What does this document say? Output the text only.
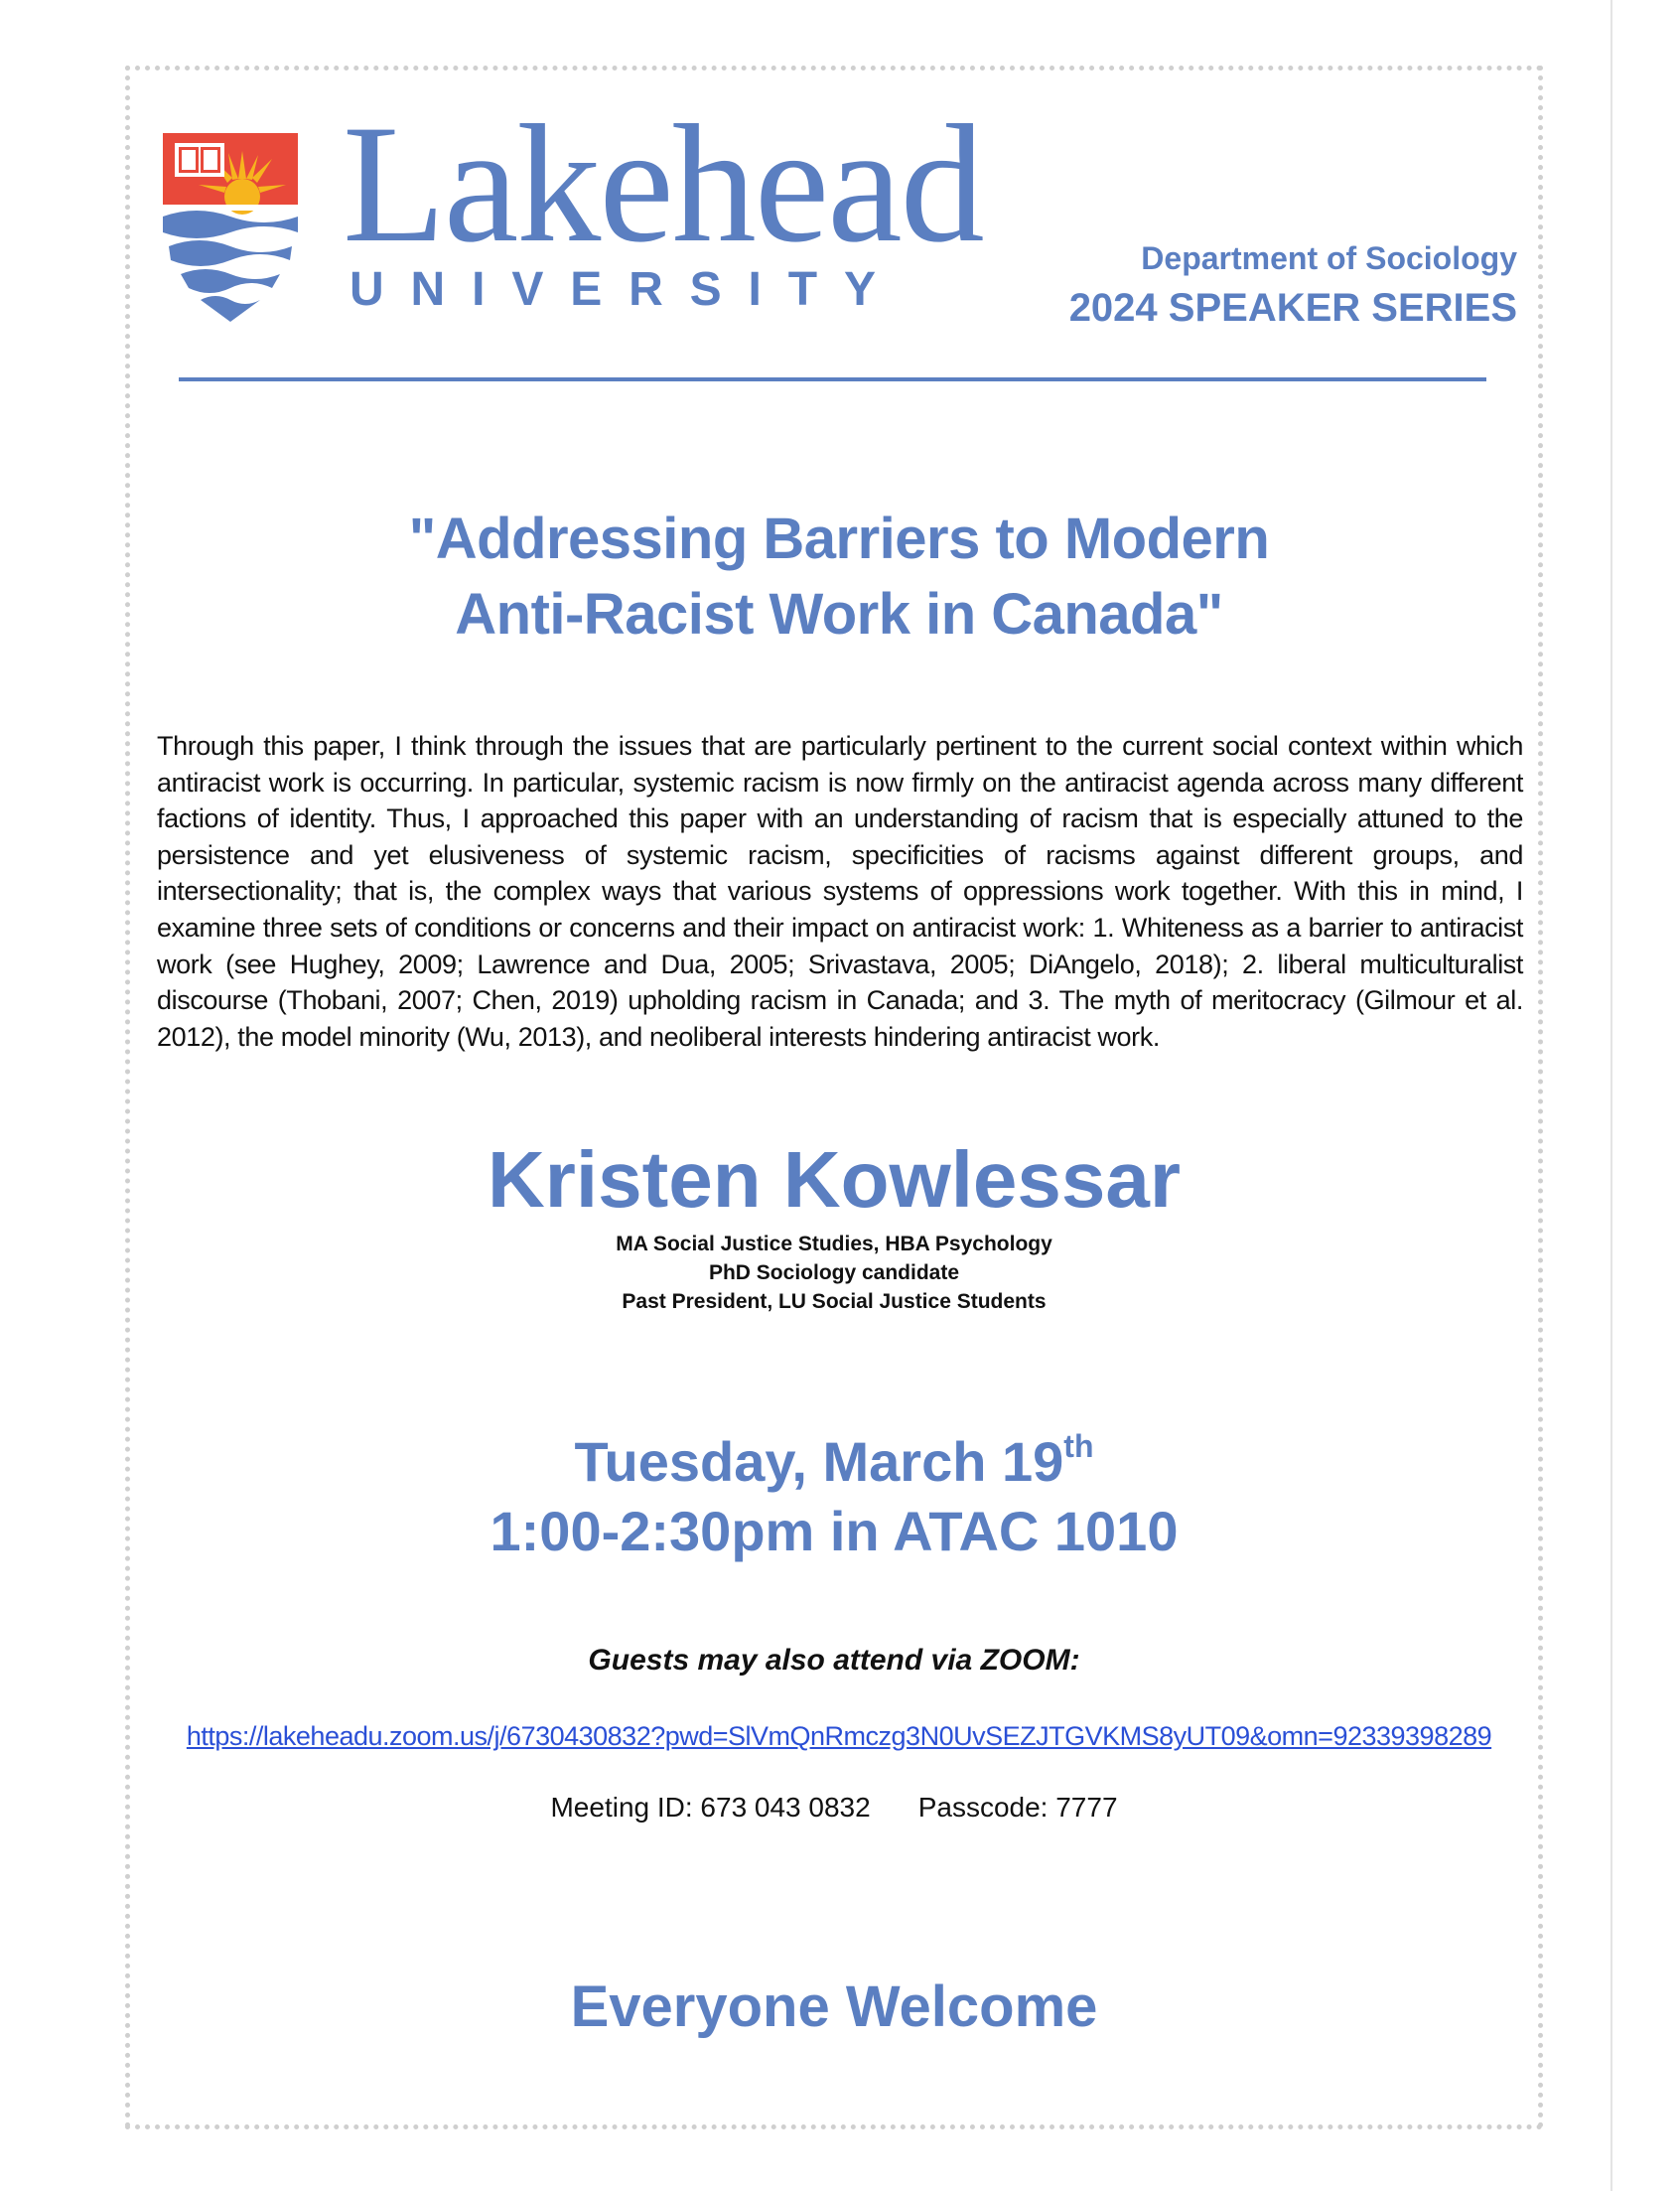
Lakehead
U N I V E R S I T Y
Department of Sociology
2024 SPEAKER SERIES
"Addressing Barriers to Modern
Anti-Racist Work in Canada"
Through this paper, I think through the issues that are particularly pertinent to the current social context within which antiracist work is occurring. In particular, systemic racism is now firmly on the antiracist agenda across many different factions of identity. Thus, I approached this paper with an understanding of racism that is especially attuned to the persistence and yet elusiveness of systemic racism, specificities of racisms against different groups, and intersectionality; that is, the complex ways that various systems of oppressions work together. With this in mind, I examine three sets of conditions or concerns and their impact on antiracist work: 1. Whiteness as a barrier to antiracist work (see Hughey, 2009; Lawrence and Dua, 2005; Srivastava, 2005; DiAngelo, 2018); 2. liberal multiculturalist discourse (Thobani, 2007; Chen, 2019) upholding racism in Canada; and 3. The myth of meritocracy (Gilmour et al. 2012), the model minority (Wu, 2013), and neoliberal interests hindering antiracist work.
Kristen Kowlessar
MA Social Justice Studies, HBA Psychology
PhD Sociology candidate
Past President, LU Social Justice Students
Tuesday, March 19th
1:00-2:30pm in ATAC 1010
Guests may also attend via ZOOM:
https://lakeheadu.zoom.us/j/6730430832?pwd=SlVmQnRmczg3N0UvSEZJTGVKMS8yUT09&omn=92339398289
Meeting ID: 673 043 0832 Passcode: 7777
Everyone Welcome
